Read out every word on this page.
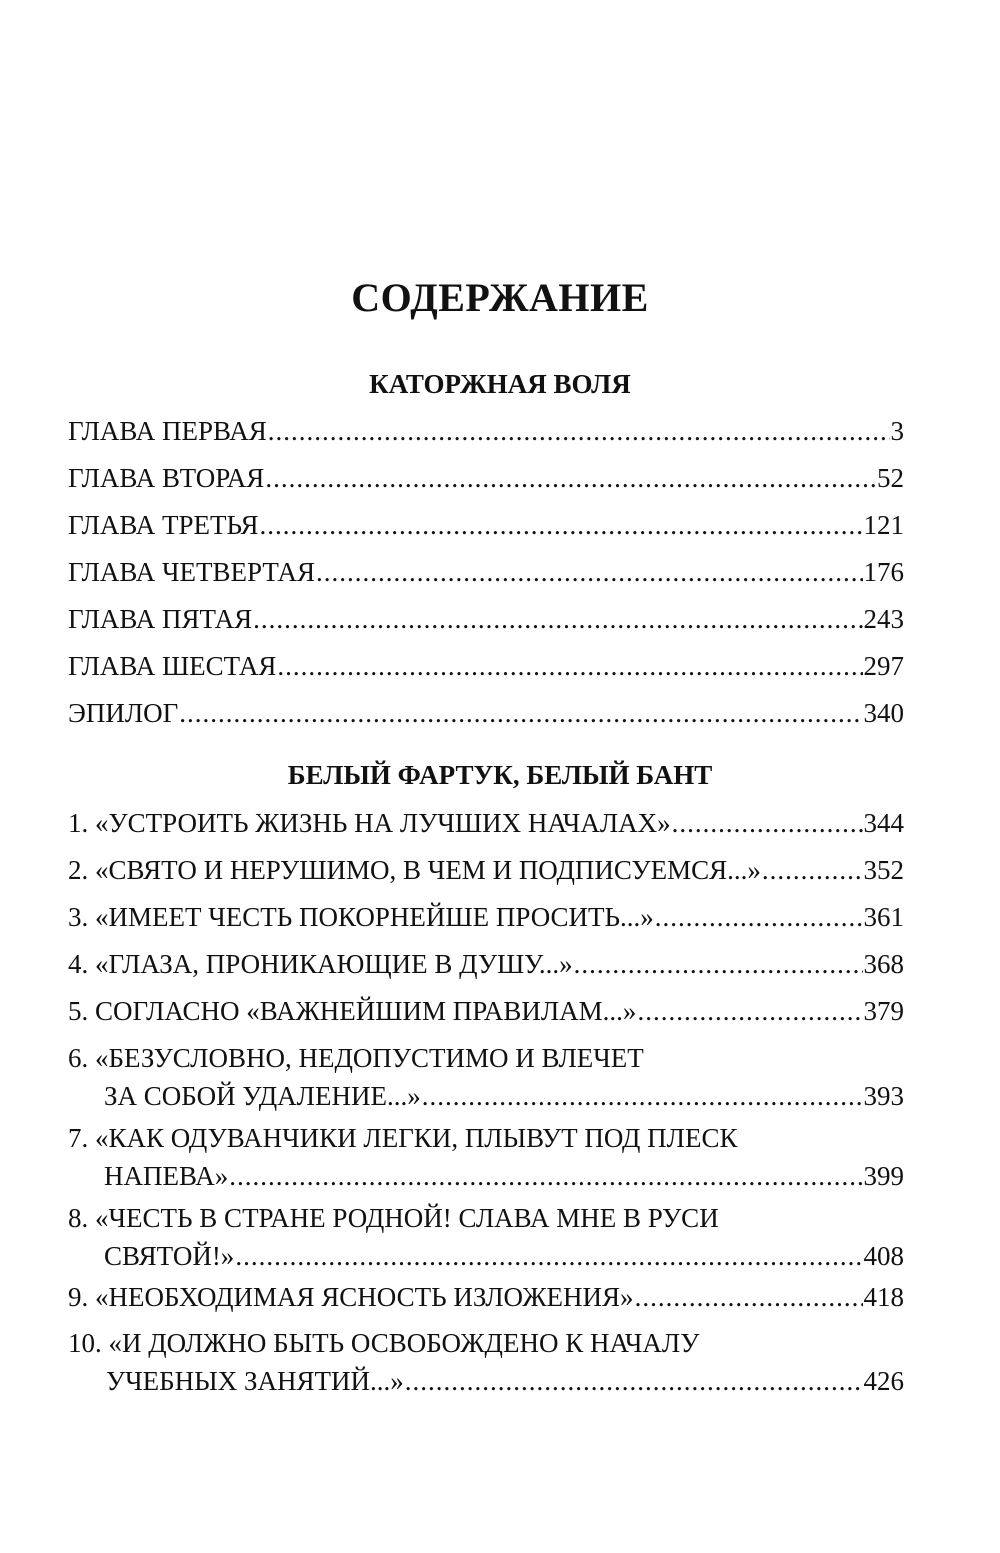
СОДЕРЖАНИЕ
КАТОРЖНАЯ ВОЛЯ
ГЛАВА ПЕРВАЯ .....	3
ГЛАВА ВТОРАЯ .....	52
ГЛАВА ТРЕТЬЯ .....	121
ГЛАВА ЧЕТВЕРТАЯ .....	176
ГЛАВА ПЯТАЯ .....	243
ГЛАВА ШЕСТАЯ .....	297
ЭПИЛОГ .....	340
БЕЛЫЙ ФАРТУК, БЕЛЫЙ БАНТ
1. «УСТРОИТЬ ЖИЗНЬ НА ЛУЧШИХ НАЧАЛАХ» .....	344
2. «СВЯТО И НЕРУШИМО, В ЧЕМ И ПОДПИСУЕМСЯ...» .....	352
3. «ИМЕЕТ ЧЕСТЬ ПОКОРНЕЙШЕ ПРОСИТЬ...» .....	361
4. «ГЛАЗА, ПРОНИКАЮЩИЕ В ДУШУ...» .....	368
5. СОГЛАСНО «ВАЖНЕЙШИМ ПРАВИЛАМ...» .....	379
6. «БЕЗУСЛОВНО, НЕДОПУСТИМО И ВЛЕЧЕТ
ЗА СОБОЙ УДАЛЕНИЕ...» .....	393
7. «КАК ОДУВАНЧИКИ ЛЕГКИ, ПЛЫВУТ ПОД ПЛЕСК
НАПЕВА» .....	399
8. «ЧЕСТЬ В СТРАНЕ РОДНОЙ! СЛАВА МНЕ В РУСИ
СВЯТОЙ!» .....	408
9. «НЕОБХОДИМАЯ ЯСНОСТЬ ИЗЛОЖЕНИЯ» .....	418
10. «И ДОЛЖНО БЫТЬ ОСВОБОЖДЕНО К НАЧАЛУ
УЧЕБНЫХ ЗАНЯТИЙ...» .....	426
